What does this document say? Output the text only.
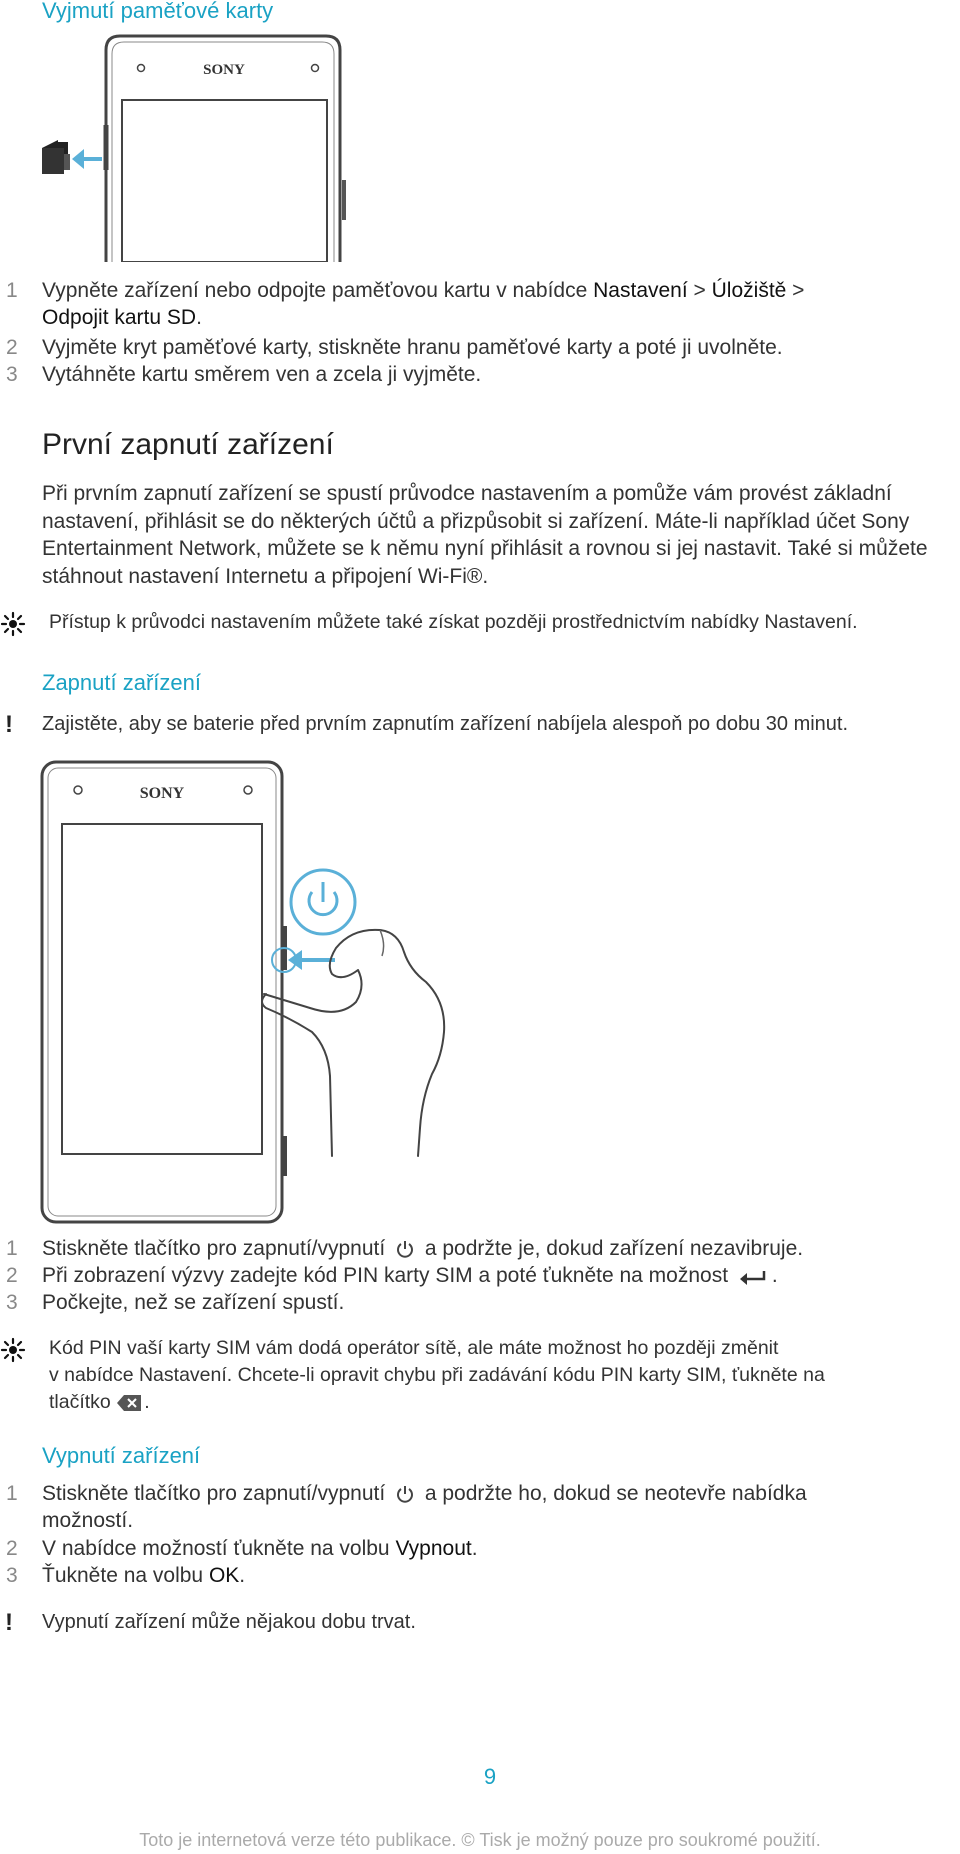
Vyjmutí paměťové karty
SONY
1 Vypněte zařízení nebo odpojte paměťovou kartu v nabídce Nastavení > Úložiště >
Odpojit kartu SD.
2 Vyjměte kryt paměťové karty, stiskněte hranu paměťové karty a poté ji uvolněte.
3 Vytáhněte kartu směrem ven a zcela ji vyjměte.
První zapnutí zařízení

Při prvním zapnutí zařízení se spustí průvodce nastavením a pomůže vám provést základní nastavení, přihlásit se do některých účtů a přizpůsobit si zařízení. Máte-li například účet Sony Entertainment Network, můžete se k němu nyní přihlásit a rovnou si jej nastavit. Také si můžete stáhnout nastavení Internetu a připojení Wi-Fi®.

Přístup k průvodci nastavením můžete také získat později prostřednictvím nabídky Nastavení.
Zapnutí zařízení
! Zajistěte, aby se baterie před prvním zapnutím zařízení nabíjela alespoň po dobu 30 minut.
SONY
1 Stiskněte tlačítko pro zapnutí/vypnutí  a podržte je, dokud zařízení nezavibruje.
2 Při zobrazení výzvy zadejte kód PIN karty SIM a poté ťukněte na možnost .
3 Počkejte, než se zařízení spustí.
Kód PIN vaší karty SIM vám dodá operátor sítě, ale máte možnost ho později změnit
v nabídce Nastavení. Chcete-li opravit chybu při zadávání kódu PIN karty SIM, ťukněte na
tlačítko .
Vypnutí zařízení
1 Stiskněte tlačítko pro zapnutí/vypnutí  a podržte ho, dokud se neotevře nabídka možností.
2 V nabídce možností ťukněte na volbu Vypnout.
3 Ťukněte na volbu OK.
! Vypnutí zařízení může nějakou dobu trvat.
9
Toto je internetová verze této publikace. © Tisk je možný pouze pro soukromé použití.
